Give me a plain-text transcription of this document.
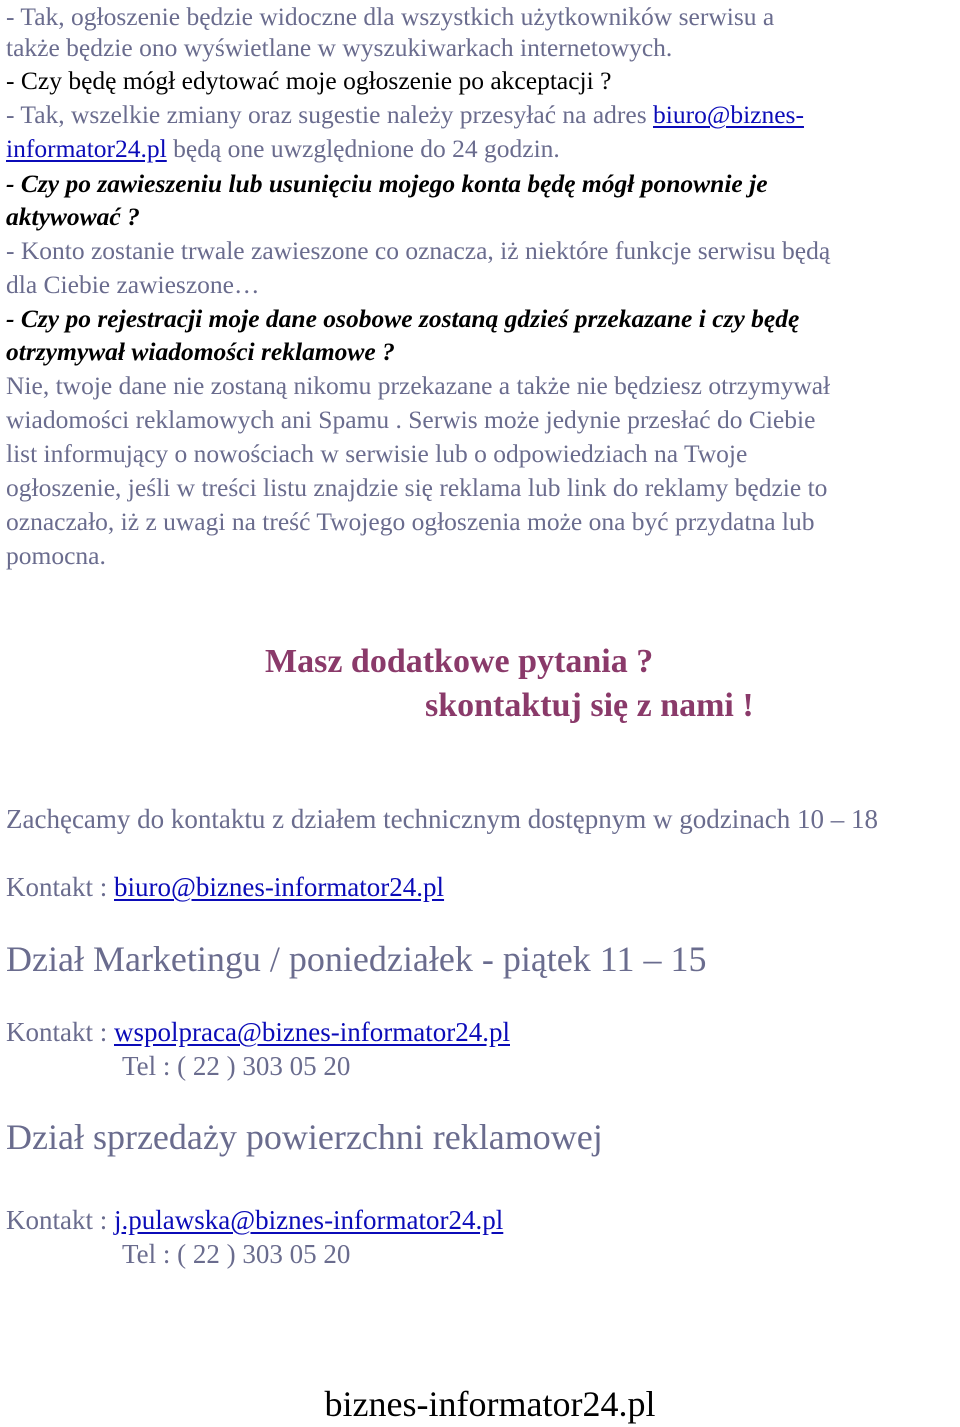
- Tak, ogłoszenie będzie widoczne dla wszystkich użytkowników serwisu a
także będzie ono wyświetlane w wyszukiwarkach internetowych.
- Czy będę mógł edytować moje ogłoszenie po akceptacji ?
- Tak, wszelkie zmiany oraz sugestie należy przesyłać na adres biuro@biznes-
informator24.pl będą one uwzględnione do 24 godzin.
- Czy po zawieszeniu lub usunięciu mojego konta będę mógł ponownie je
aktywować ?
- Konto zostanie trwale zawieszone co oznacza, iż niektóre funkcje serwisu będą
dla Ciebie zawieszone…
- Czy po rejestracji moje dane osobowe zostaną gdzieś przekazane i czy będę
otrzymywał wiadomości reklamowe ?
Nie, twoje dane nie zostaną nikomu przekazane a także nie będziesz otrzymywał
wiadomości reklamowych ani Spamu . Serwis może jedynie przesłać do Ciebie
list informujący o nowościach w serwisie lub o odpowiedziach na Twoje
ogłoszenie, jeśli w treści listu znajdzie się reklama lub link do reklamy będzie to
oznaczało, iż z uwagi na treść Twojego ogłoszenia może ona być przydatna lub
pomocna.
Masz dodatkowe pytania ?
skontaktuj się z nami !
Zachęcamy do kontaktu z działem technicznym dostępnym w godzinach 10 – 18
Kontakt : biuro@biznes-informator24.pl
Dział Marketingu / poniedziałek - piątek 11 – 15
Kontakt : wspolpraca@biznes-informator24.pl
Tel : ( 22 ) 303 05 20
Dział sprzedaży powierzchni reklamowej
Kontakt : j.pulawska@biznes-informator24.pl
Tel : ( 22 ) 303 05 20
biznes-informator24.pl
